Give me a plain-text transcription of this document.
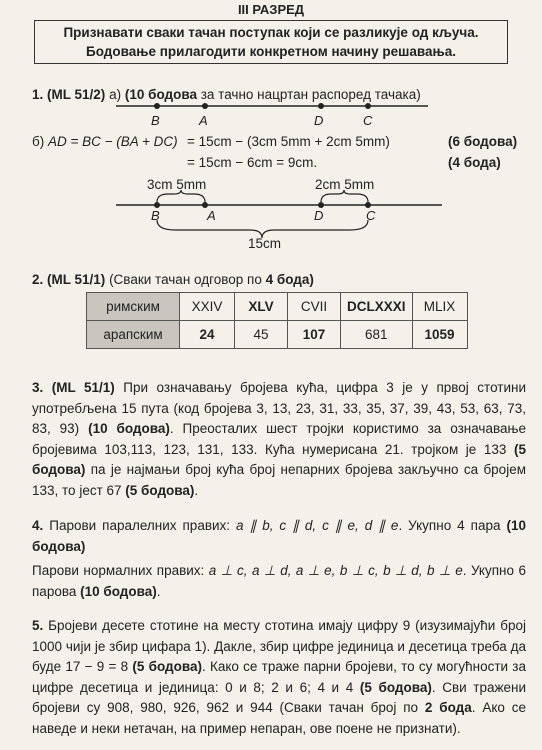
III РАЗРЕД
Признавати сваки тачан поступак који се разликује од кључа.
Бодовање прилагодити конкретном начину решавања.
1. (ML 51/2) а) (10 бодова за тачно нацртан распоред тачака)
B	A	D	C
б) AD = BC − (BA + DC) = 15cm − (3cm 5mm + 2cm 5mm)	(6 бодова)
= 15cm − 6cm = 9cm.	(4 бода)
3cm 5mm	2cm 5mm
B	A	D	C
15cm
2. (ML 51/1) (Сваки тачан одговор по 4 бода)
римским	XXIV	XLV	CVII	DCLXXXI	MLIX
арапским	24	45	107	681	1059
3. (ML 51/1) При означавању бројева кућа, цифра 3 је у првој стотини употребљена 15 пута (код бројева 3, 13, 23, 31, 33, 35, 37, 39, 43, 53, 63, 73, 83, 93) (10 бодова). Преосталих шест тројки користимо за означавање бројевима 103,113, 123, 131, 133. Кућа нумерисана 21. тројком је 133 (5 бодова) па је најмањи број кућа број непарних бројева закључно са бројем 133, то јест 67 (5 бодова).

4. Парови паралелних правих: a ∥ b, c ∥ d, c ∥ e, d ∥ e. Укупно 4 пара (10 бодова)

Парови нормалних правих: a ⊥ c, a ⊥ d, a ⊥ e, b ⊥ c, b ⊥ d, b ⊥ e. Укупно 6 парова (10 бодова).

5. Бројеви десете стотине на месту стотина имају цифру 9 (изузимајући број 1000 чији је збир цифара 1). Дакле, збир цифре јединица и десетица треба да буде 17 − 9 = 8 (5 бодова). Како се траже парни бројеви, то су могућности за цифре десетица и јединица: 0 и 8; 2 и 6; 4 и 4 (5 бодова). Сви тражени бројеви су 908, 980, 926, 962 и 944 (Сваки тачан број по 2 бода. Ако се наведе и неки нетачан, на пример непаран, ове поене не признати).
